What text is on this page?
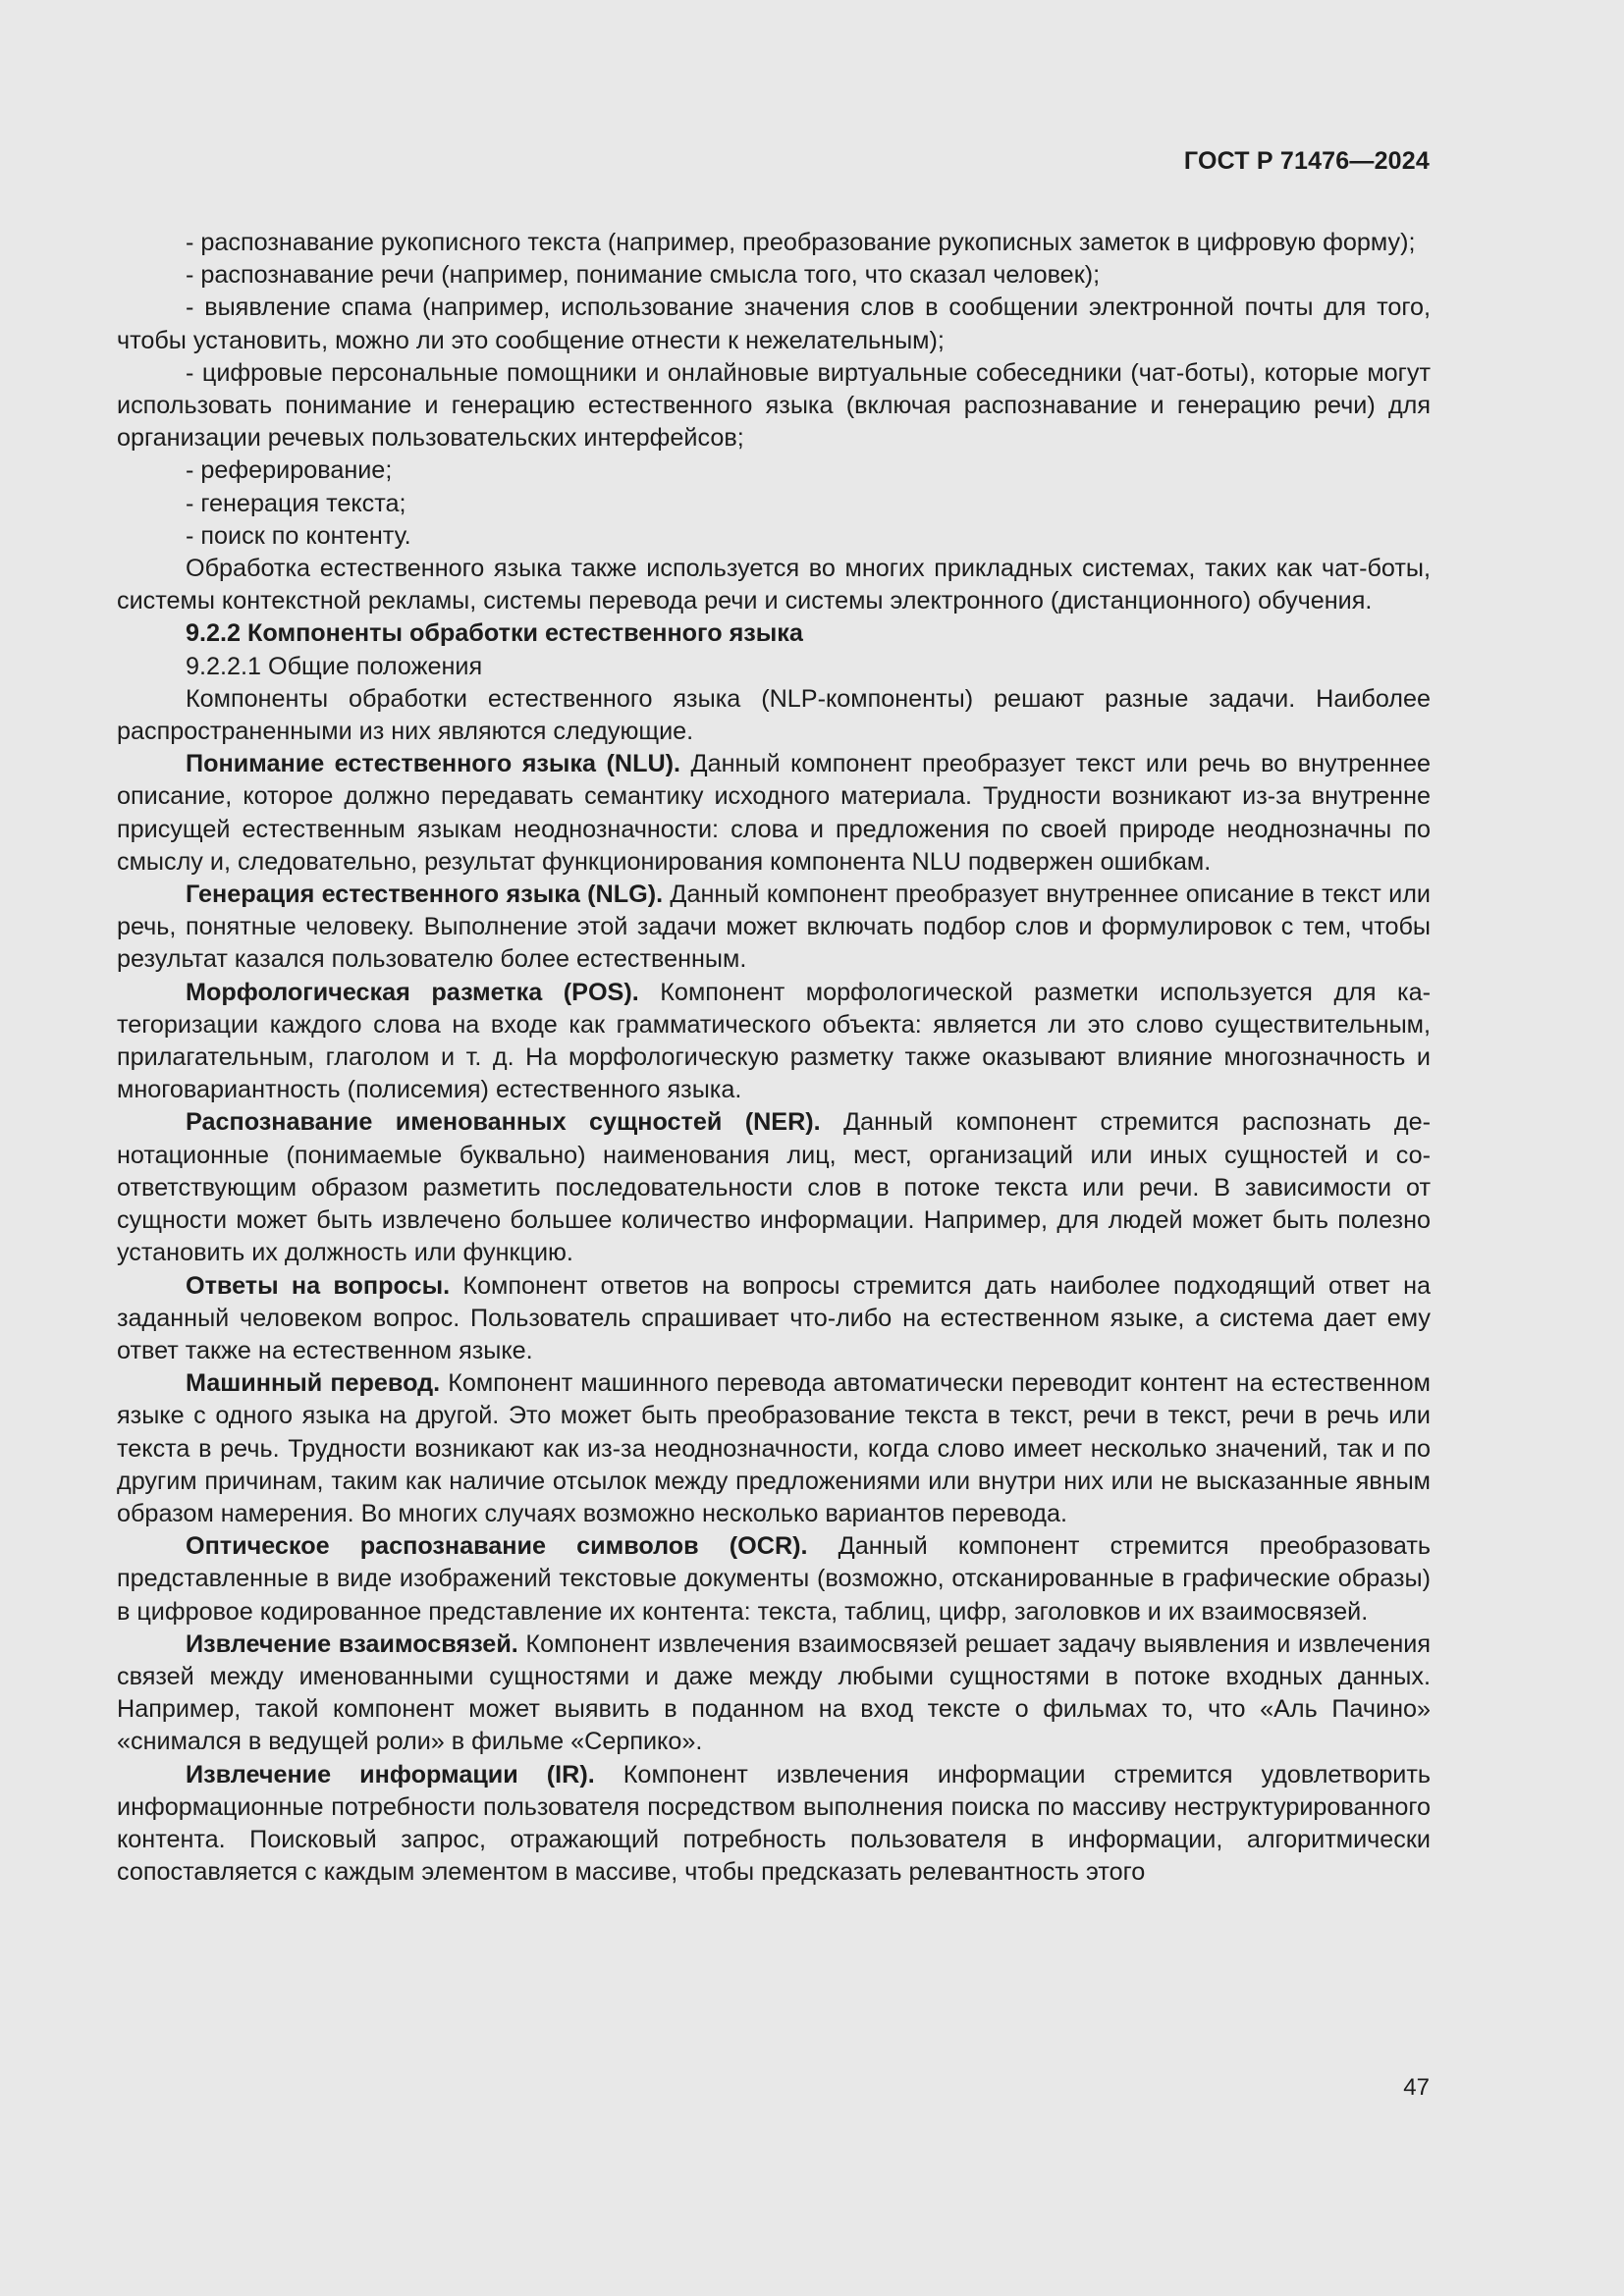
ГОСТ Р 71476—2024

- распознавание рукописного текста (например, преобразование рукописных заметок в цифровую форму);

- распознавание речи (например, понимание смысла того, что сказал человек);

- выявление спама (например, использование значения слов в сообщении электронной почты для того, чтобы установить, можно ли это сообщение отнести к нежелательным);

- цифровые персональные помощники и онлайновые виртуальные собеседники (чат-боты), которые могут использовать понимание и генерацию естественного языка (включая распознавание и генерацию речи) для организации речевых пользовательских интерфейсов;

- реферирование;

- генерация текста;

- поиск по контенту.

Обработка естественного языка также используется во многих прикладных системах, таких как чат-боты, системы контекстной рекламы, системы перевода речи и системы электронного (дистанционного) обучения.

9.2.2 Компоненты обработки естественного языка

9.2.2.1 Общие положения

Компоненты обработки естественного языка (NLP-компоненты) решают разные задачи. Наиболее распространенными из них являются следующие.

Понимание естественного языка (NLU). Данный компонент преобразует текст или речь во внутреннее описание, которое должно передавать семантику исходного материала. Трудности возникают из-за внутренне присущей естественным языкам неоднозначности: слова и предложения по своей природе неоднозначны по смыслу и, следовательно, результат функционирования компонента NLU подвержен ошибкам.

Генерация естественного языка (NLG). Данный компонент преобразует внутреннее описание в текст или речь, понятные человеку. Выполнение этой задачи может включать подбор слов и формулировок с тем, чтобы результат казался пользователю более естественным.

Морфологическая разметка (POS). Компонент морфологической разметки используется для категоризации каждого слова на входе как грамматического объекта: является ли это слово существительным, прилагательным, глаголом и т. д. На морфологическую разметку также оказывают влияние многозначность и многовариантность (полисемия) естественного языка.

Распознавание именованных сущностей (NER). Данный компонент стремится распознать денотационные (понимаемые буквально) наименования лиц, мест, организаций или иных сущностей и соответствующим образом разметить последовательности слов в потоке текста или речи. В зависимости от сущности может быть извлечено большее количество информации. Например, для людей может быть полезно установить их должность или функцию.

Ответы на вопросы. Компонент ответов на вопросы стремится дать наиболее подходящий ответ на заданный человеком вопрос. Пользователь спрашивает что-либо на естественном языке, а система дает ему ответ также на естественном языке.

Машинный перевод. Компонент машинного перевода автоматически переводит контент на естественном языке с одного языка на другой. Это может быть преобразование текста в текст, речи в текст, речи в речь или текста в речь. Трудности возникают как из-за неоднозначности, когда слово имеет несколько значений, так и по другим причинам, таким как наличие отсылок между предложениями или внутри них или не высказанные явным образом намерения. Во многих случаях возможно несколько вариантов перевода.

Оптическое распознавание символов (OCR). Данный компонент стремится преобразовать представленные в виде изображений текстовые документы (возможно, отсканированные в графические образы) в цифровое кодированное представление их контента: текста, таблиц, цифр, заголовков и их взаимосвязей.

Извлечение взаимосвязей. Компонент извлечения взаимосвязей решает задачу выявления и извлечения связей между именованными сущностями и даже между любыми сущностями в потоке входных данных. Например, такой компонент может выявить в поданном на вход тексте о фильмах то, что «Аль Пачино» «снимался в ведущей роли» в фильме «Серпико».

Извлечение информации (IR). Компонент извлечения информации стремится удовлетворить информационные потребности пользователя посредством выполнения поиска по массиву неструктурированного контента. Поисковый запрос, отражающий потребность пользователя в информации, алгоритмически сопоставляется с каждым элементом в массиве, чтобы предсказать релевантность этого

47
